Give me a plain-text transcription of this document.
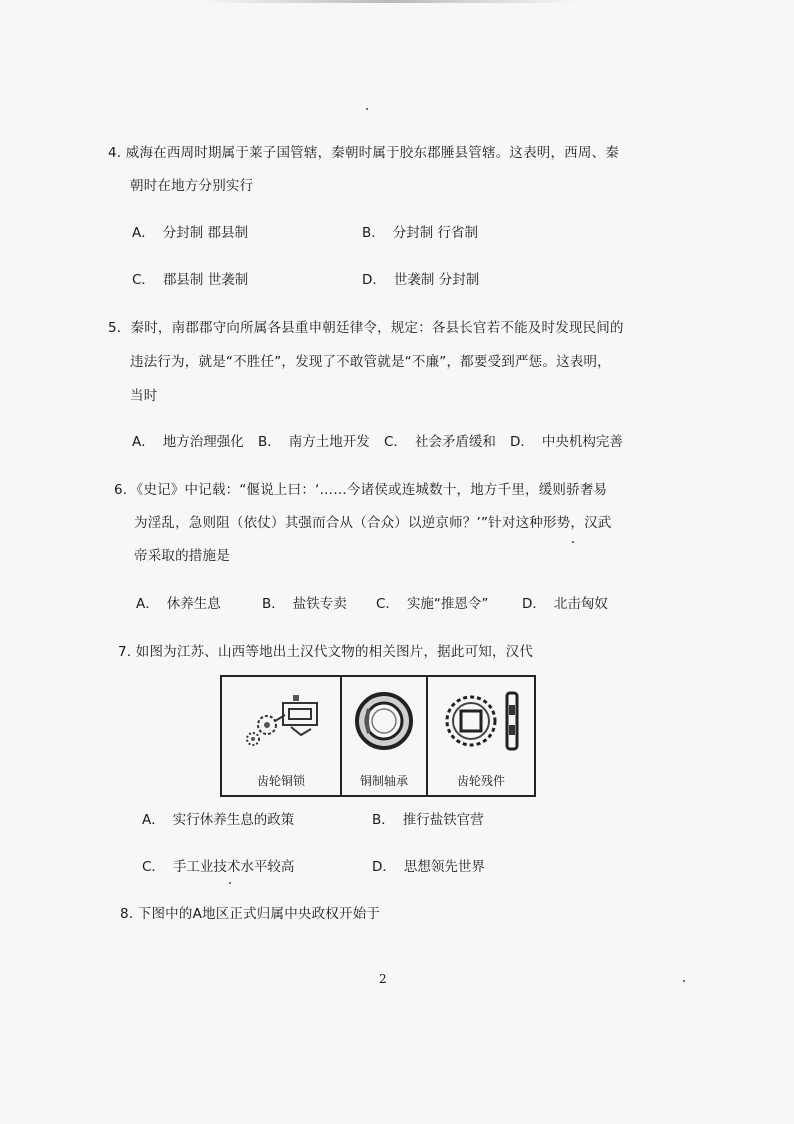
4. 威海在西周时期属于莱子国管辖，秦朝时属于胶东郡腄县管辖。这表明，西周、秦
朝时在地方分别实行
A． 分封制 郡县制	B． 分封制 行省制
C． 郡县制 世袭制	D． 世袭制 分封制
5．秦时，南郡郡守向所属各县重申朝廷律令，规定：各县长官若不能及时发现民间的
违法行为，就是“不胜任”，发现了不敢管就是“不廉”，都要受到严惩。这表明，
当时
A． 地方治理强化 B． 南方土地开发 C． 社会矛盾缓和 D． 中央机构完善
6．《史记》中记载：“偃说上曰：‘……今诸侯或连城数十，地方千里，缓则骄奢易
为淫乱，急则阻（依仗）其强而合从（合众）以逆京师？’”针对这种形势，汉武
帝采取的措施是
A． 休养生息	B． 盐铁专卖 C． 实施“推恩令” D． 北击匈奴
7. 如图为江苏、山西等地出土汉代文物的相关图片，据此可知，汉代
齿轮铜锁	铜制轴承	齿轮残件
A． 实行休养生息的政策	B． 推行盐铁官营
C． 手工业技术水平较高	D． 思想领先世界
8. 下图中的A地区正式归属中央政权开始于
2
